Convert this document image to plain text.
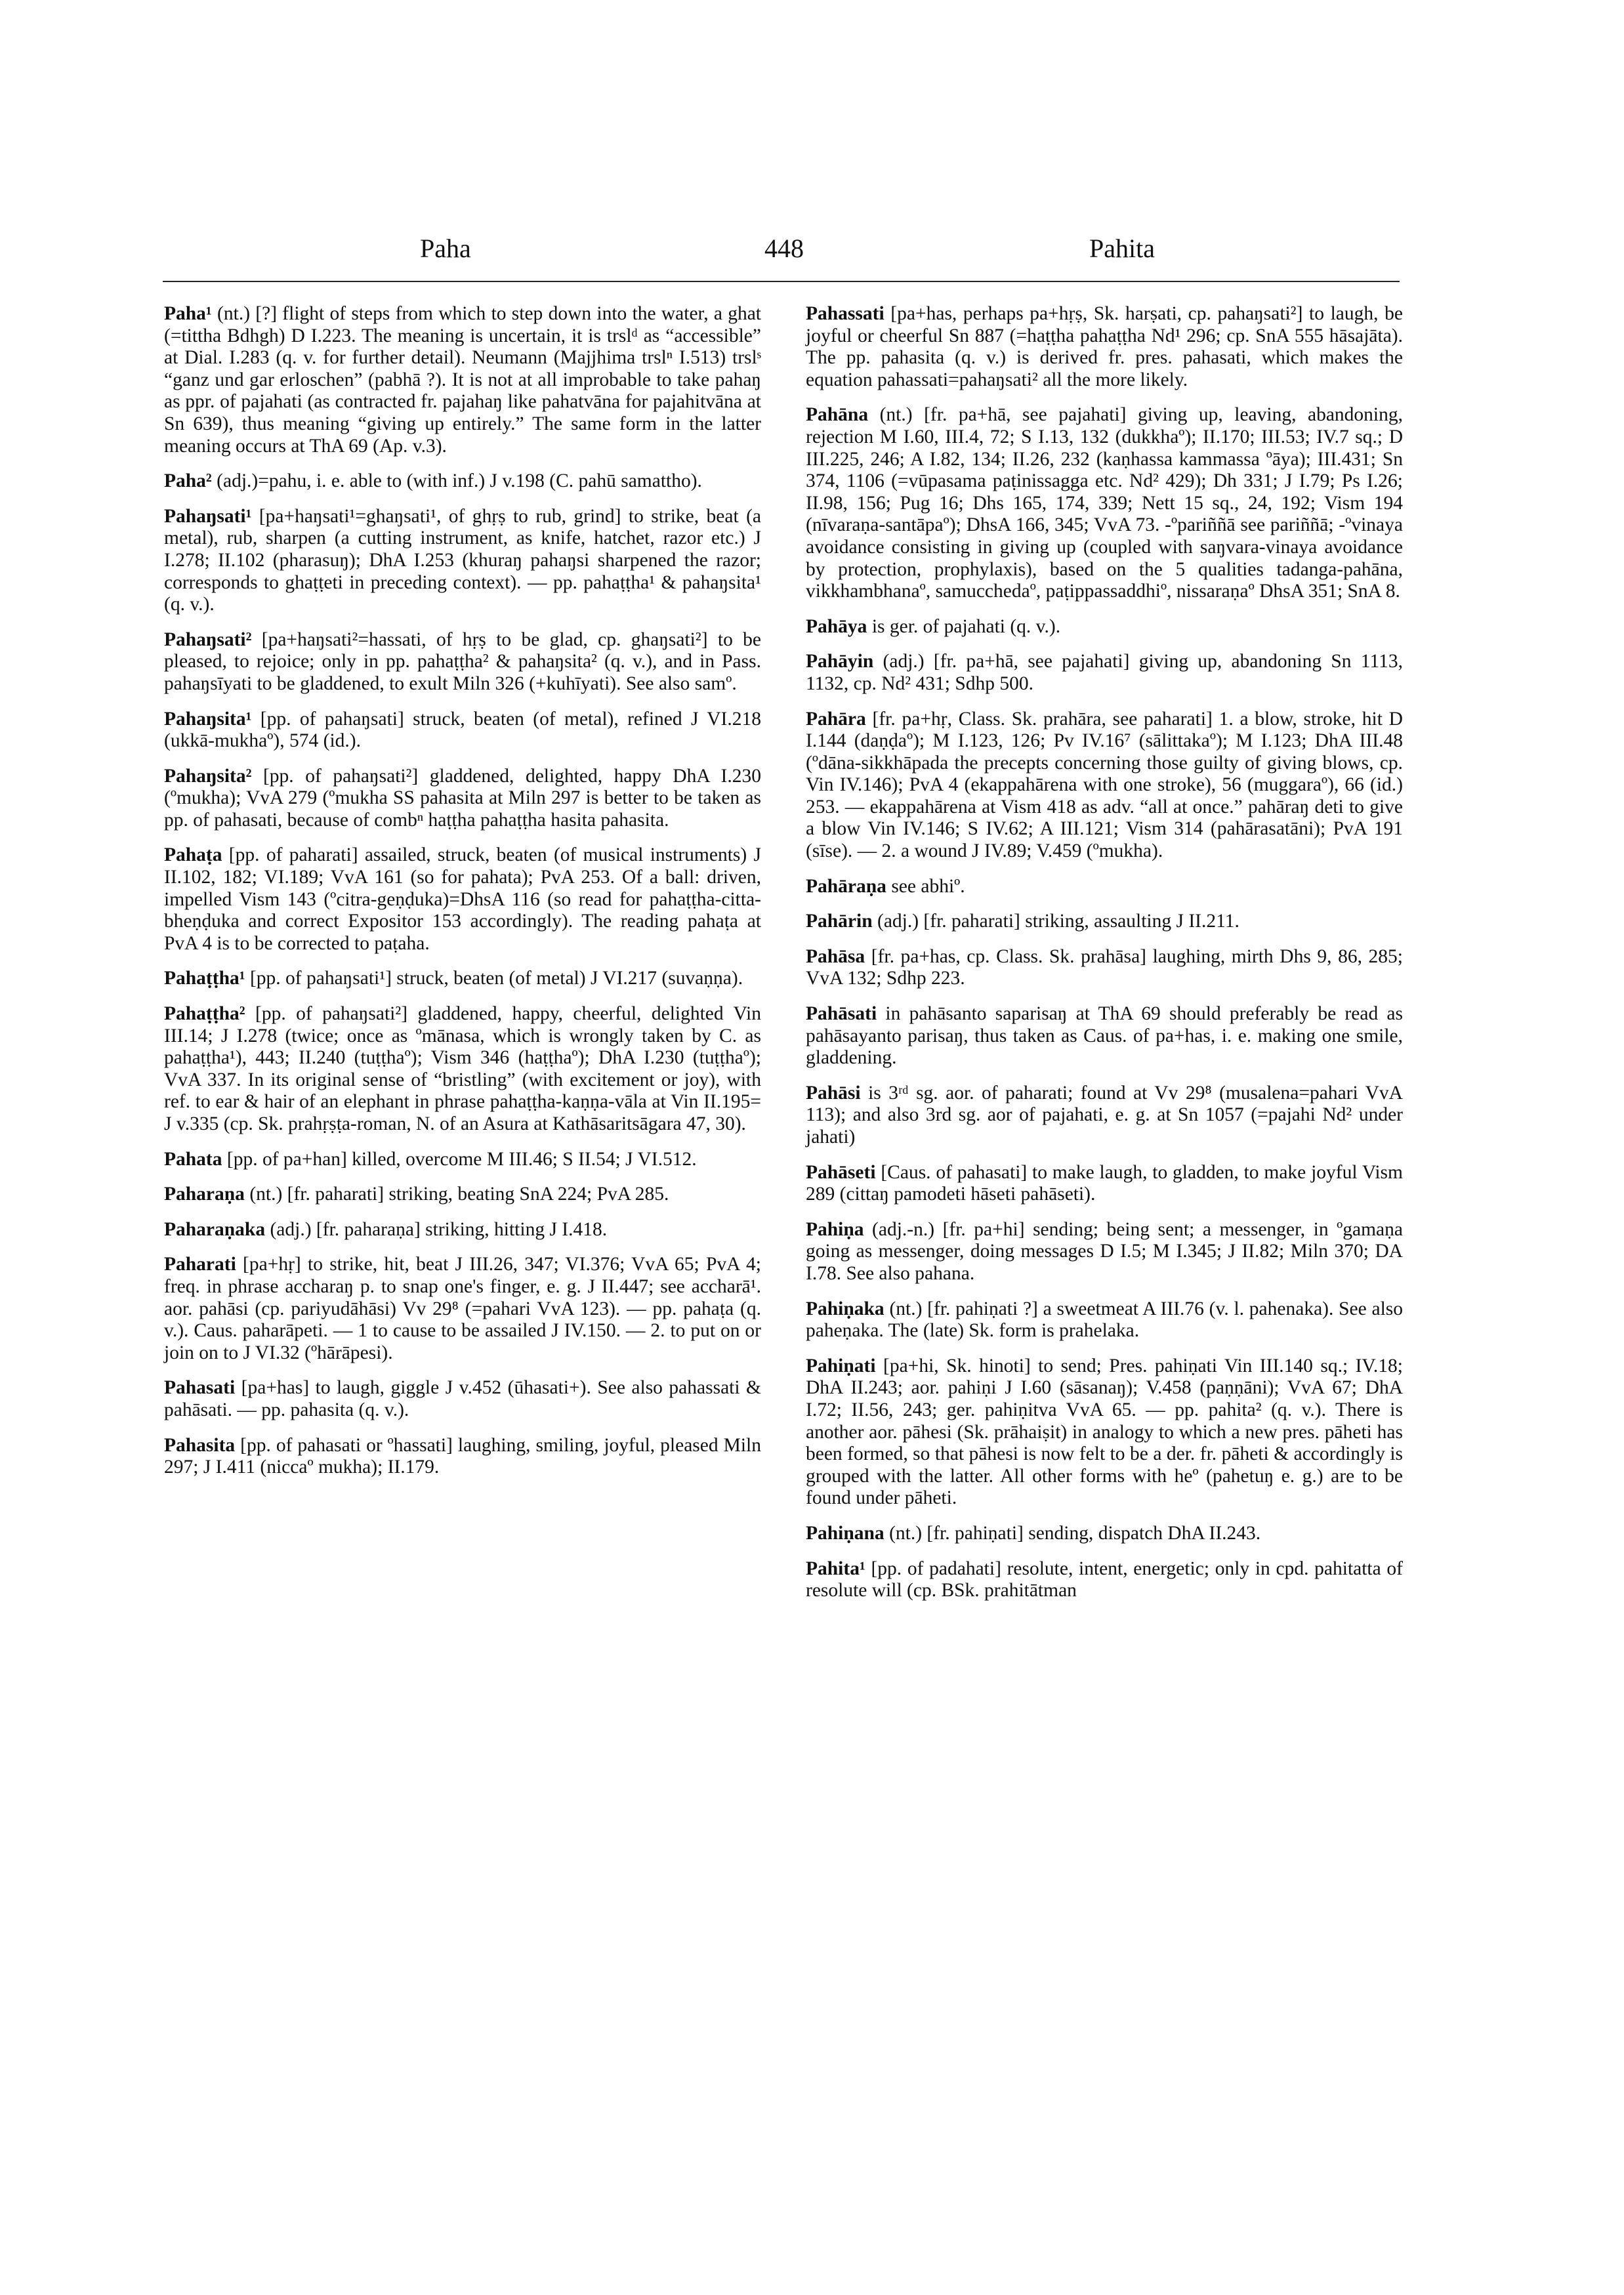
Paha	448	Pahita

Paha¹ (nt.) [?] flight of steps from which to step down into the water, a ghat (=tittha Bdhgh) D I.223. The meaning is uncertain, it is trslᵈ as “accessible” at Dial. I.283 (q. v. for further detail). Neumann (Majjhima trslⁿ I.513) trslˢ “ganz und gar erloschen” (pabhā ?). It is not at all improbable to take pahaŋ as ppr. of pajahati (as contracted fr. pajahaŋ like pahatvāna for pajahitvāna at Sn 639), thus meaning “giving up entirely.” The same form in the latter meaning occurs at ThA 69 (Ap. v.3).

Paha² (adj.)=pahu, i. e. able to (with inf.) J v.198 (C. pahū samattho).

Pahaŋsati¹ [pa+haŋsati¹=ghaŋsati¹, of ghṛṣ to rub, grind] to strike, beat (a metal), rub, sharpen (a cutting instrument, as knife, hatchet, razor etc.) J I.278; II.102 (pharasuŋ); DhA I.253 (khuraŋ pahaŋsi sharpened the razor; corresponds to ghaṭṭeti in preceding context). — pp. pahaṭṭha¹ & pahaŋsita¹ (q. v.).

Pahaŋsati² [pa+haŋsati²=hassati, of hṛṣ to be glad, cp. ghaŋsati²] to be pleased, to rejoice; only in pp. pahaṭṭha² & pahaŋsita² (q. v.), and in Pass. pahaŋsīyati to be gladdened, to exult Miln 326 (+kuhīyati). See also samº.

Pahaŋsita¹ [pp. of pahaŋsati] struck, beaten (of metal), refined J VI.218 (ukkā-mukhaº), 574 (id.).

Pahaŋsita² [pp. of pahaŋsati²] gladdened, delighted, happy DhA I.230 (ºmukha); VvA 279 (ºmukha SS pahasita at Miln 297 is better to be taken as pp. of pahasati, because of combⁿ haṭṭha pahaṭṭha hasita pahasita.

Pahaṭa [pp. of paharati] assailed, struck, beaten (of musical instruments) J II.102, 182; VI.189; VvA 161 (so for pahata); PvA 253. Of a ball: driven, impelled Vism 143 (ºcitra-geṇḍuka)=DhsA 116 (so read for pahaṭṭha-citta-bheṇḍuka and correct Expositor 153 accordingly). The reading pahaṭa at PvA 4 is to be corrected to paṭaha.

Pahaṭṭha¹ [pp. of pahaŋsati¹] struck, beaten (of metal) J VI.217 (suvaṇṇa).

Pahaṭṭha² [pp. of pahaŋsati²] gladdened, happy, cheerful, delighted Vin III.14; J I.278 (twice; once as ºmānasa, which is wrongly taken by C. as pahaṭṭha¹), 443; II.240 (tuṭṭhaº); Vism 346 (haṭṭhaº); DhA I.230 (tuṭṭhaº); VvA 337. In its original sense of “bristling” (with excitement or joy), with ref. to ear & hair of an elephant in phrase pahaṭṭha-kaṇṇa-vāla at Vin II.195= J v.335 (cp. Sk. prahṛṣṭa-roman, N. of an Asura at Kathāsaritsāgara 47, 30).

Pahata [pp. of pa+han] killed, overcome M III.46; S II.54; J VI.512.

Paharaṇa (nt.) [fr. paharati] striking, beating SnA 224; PvA 285.

Paharaṇaka (adj.) [fr. paharaṇa] striking, hitting J I.418.

Paharati [pa+hṛ] to strike, hit, beat J III.26, 347; VI.376; VvA 65; PvA 4; freq. in phrase accharaŋ p. to snap one's finger, e. g. J II.447; see accharā¹. aor. pahāsi (cp. pariyudāhāsi) Vv 29⁸ (=pahari VvA 123). — pp. pahaṭa (q. v.). Caus. paharāpeti. — 1 to cause to be assailed J IV.150. — 2. to put on or join on to J VI.32 (ºhārāpesi).

Pahasati [pa+has] to laugh, giggle J v.452 (ūhasati+). See also pahassati & pahāsati. — pp. pahasita (q. v.).

Pahasita [pp. of pahasati or ºhassati] laughing, smiling, joyful, pleased Miln 297; J I.411 (niccaº mukha); II.179.

Pahassati [pa+has, perhaps pa+hṛṣ, Sk. harṣati, cp. pahaŋsati²] to laugh, be joyful or cheerful Sn 887 (=haṭṭha pahaṭṭha Nd¹ 296; cp. SnA 555 hāsajāta). The pp. pahasita (q. v.) is derived fr. pres. pahasati, which makes the equation pahassati=pahaŋsati² all the more likely.

Pahāna (nt.) [fr. pa+hā, see pajahati] giving up, leaving, abandoning, rejection M I.60, III.4, 72; S I.13, 132 (dukkhaº); II.170; III.53; IV.7 sq.; D III.225, 246; A I.82, 134; II.26, 232 (kaṇhassa kammassa ºāya); III.431; Sn 374, 1106 (=vūpasama paṭinissagga etc. Nd² 429); Dh 331; J I.79; Ps I.26; II.98, 156; Pug 16; Dhs 165, 174, 339; Nett 15 sq., 24, 192; Vism 194 (nīvaraṇa-santāpaº); DhsA 166, 345; VvA 73. -ºpariññā see pariññā; -ºvinaya avoidance consisting in giving up (coupled with saŋvara-vinaya avoidance by protection, prophylaxis), based on the 5 qualities tadanga-pahāna, vikkhambhanaº, samucchedaº, paṭippassaddhiº, nissaraṇaº DhsA 351; SnA 8.

Pahāya is ger. of pajahati (q. v.).

Pahāyin (adj.) [fr. pa+hā, see pajahati] giving up, abandoning Sn 1113, 1132, cp. Nd² 431; Sdhp 500.

Pahāra [fr. pa+hṛ, Class. Sk. prahāra, see paharati] 1. a blow, stroke, hit D I.144 (daṇḍaº); M I.123, 126; Pv IV.16⁷ (sālittakaº); M I.123; DhA III.48 (ºdāna-sikkhāpada the precepts concerning those guilty of giving blows, cp. Vin IV.146); PvA 4 (ekappahārena with one stroke), 56 (muggaraº), 66 (id.) 253. — ekappahārena at Vism 418 as adv. “all at once.” pahāraŋ deti to give a blow Vin IV.146; S IV.62; A III.121; Vism 314 (pahārasatāni); PvA 191 (sīse). — 2. a wound J IV.89; V.459 (ºmukha).

Pahāraṇa see abhiº.

Pahārin (adj.) [fr. paharati] striking, assaulting J II.211.

Pahāsa [fr. pa+has, cp. Class. Sk. prahāsa] laughing, mirth Dhs 9, 86, 285; VvA 132; Sdhp 223.

Pahāsati in pahāsanto saparisaŋ at ThA 69 should preferably be read as pahāsayanto parisaŋ, thus taken as Caus. of pa+has, i. e. making one smile, gladdening.

Pahāsi is 3ʳᵈ sg. aor. of paharati; found at Vv 29⁸ (musalena=pahari VvA 113); and also 3rd sg. aor of pajahati, e. g. at Sn 1057 (=pajahi Nd² under jahati)

Pahāseti [Caus. of pahasati] to make laugh, to gladden, to make joyful Vism 289 (cittaŋ pamodeti hāseti pahāseti).

Pahiṇa (adj.-n.) [fr. pa+hi] sending; being sent; a messenger, in ºgamaṇa going as messenger, doing messages D I.5; M I.345; J II.82; Miln 370; DA I.78. See also pahana.

Pahiṇaka (nt.) [fr. pahiṇati ?] a sweetmeat A III.76 (v. l. pahenaka). See also paheṇaka. The (late) Sk. form is prahelaka.

Pahiṇati [pa+hi, Sk. hinoti] to send; Pres. pahiṇati Vin III.140 sq.; IV.18; DhA II.243; aor. pahiṇi J I.60 (sāsanaŋ); V.458 (paṇṇāni); VvA 67; DhA I.72; II.56, 243; ger. pahiṇitva VvA 65. — pp. pahita² (q. v.). There is another aor. pāhesi (Sk. prāhaiṣit) in analogy to which a new pres. pāheti has been formed, so that pāhesi is now felt to be a der. fr. pāheti & accordingly is grouped with the latter. All other forms with heº (pahetuŋ e. g.) are to be found under pāheti.

Pahiṇana (nt.) [fr. pahiṇati] sending, dispatch DhA II.243.

Pahita¹ [pp. of padahati] resolute, intent, energetic; only in cpd. pahitatta of resolute will (cp. BSk. prahitātman
